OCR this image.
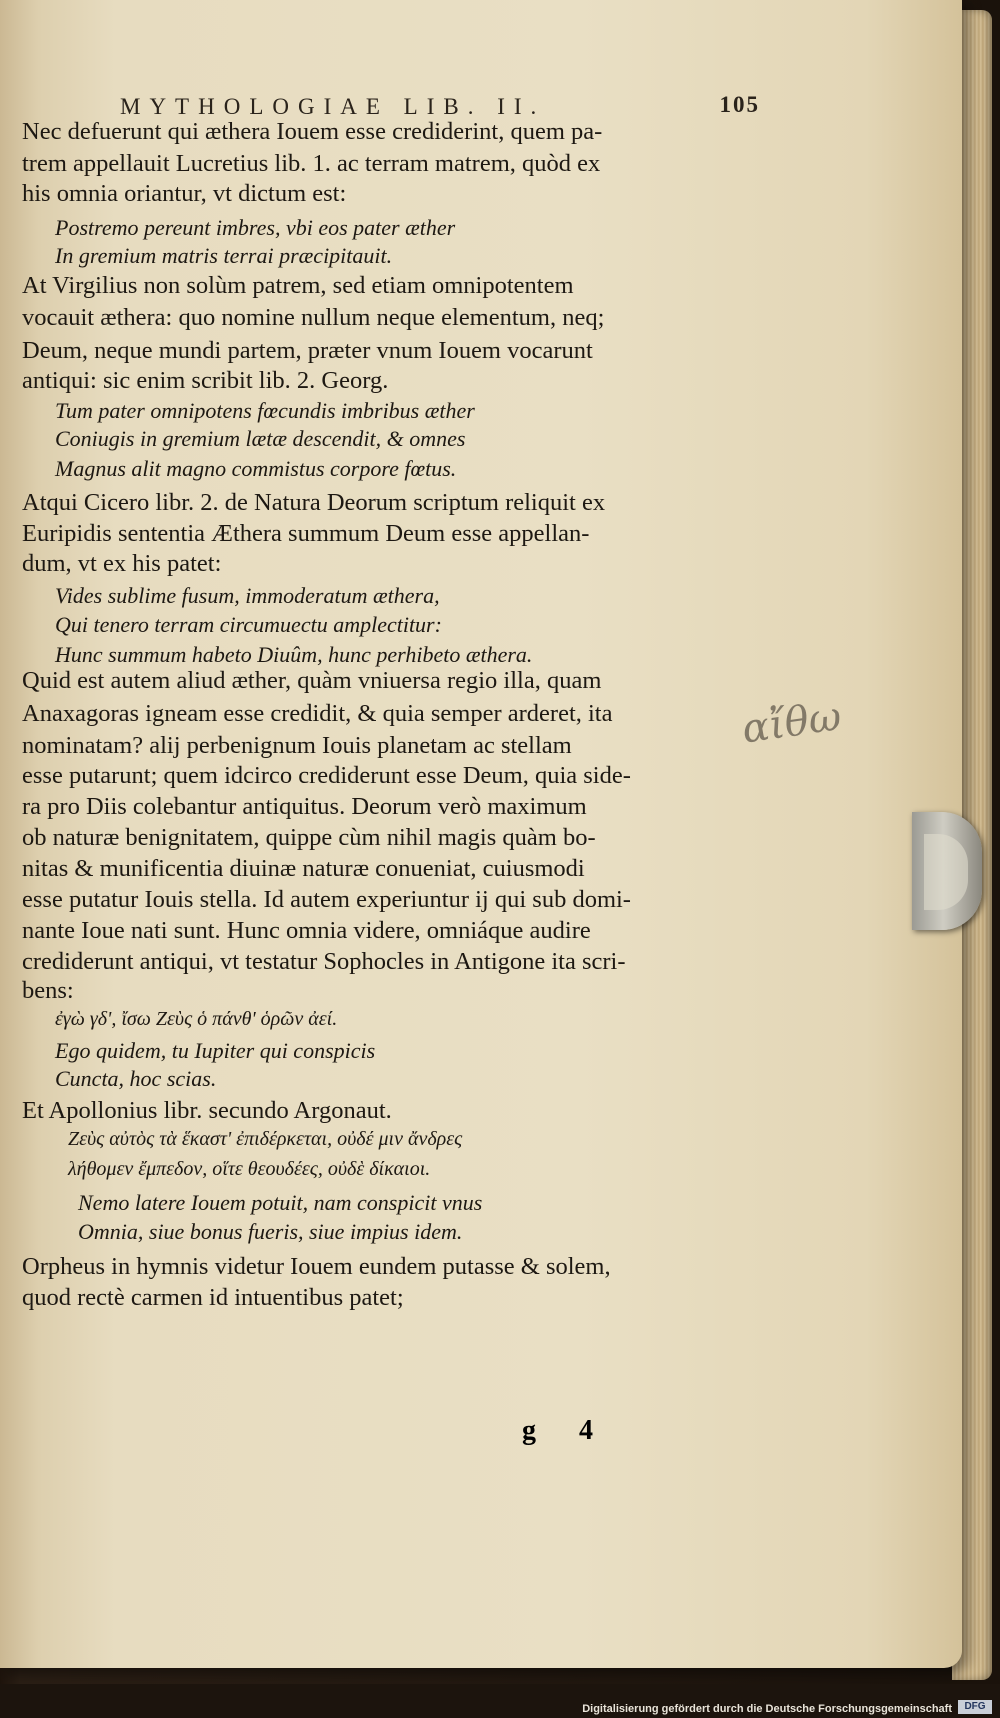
MYTHOLOGIAE LIB. II.	105
Nec defuerunt qui æthera Iouem esse crediderint, quem pa-
trem appellauit Lucretius lib. 1. ac terram matrem, quòd ex
his omnia oriantur, vt dictum est:
Postremo pereunt imbres, vbi eos pater æther
In gremium matris terrai præcipitauit.
At Virgilius non solùm patrem, sed etiam omnipotentem
vocauit æthera: quo nomine nullum neque elementum, neq;
Deum, neque mundi partem, præter vnum Iouem vocarunt
antiqui: sic enim scribit lib. 2. Georg.
Tum pater omnipotens fœcundis imbribus æther
Coniugis in gremium lætæ descendit, & omnes
Magnus alit magno commistus corpore fœtus.
Atqui Cicero libr. 2. de Natura Deorum scriptum reliquit ex
Euripidis sententia Æthera summum Deum esse appellan-
dum, vt ex his patet:
Vides sublime fusum, immoderatum æthera,
Qui tenero terram circumuectu amplectitur:
Hunc summum habeto Diuûm, hunc perhibeto æthera.
Quid est autem aliud æther, quàm vniuersa regio illa, quam
Anaxagoras igneam esse credidit, & quia semper arderet, ita
nominatam? alij perbenignum Iouis planetam ac stellam
esse putarunt; quem idcirco crediderunt esse Deum, quia side-
ra pro Diis colebantur antiquitus. Deorum verò maximum
ob naturæ benignitatem, quippe cùm nihil magis quàm bo-
nitas & munificentia diuinæ naturæ conueniat, cuiusmodi
esse putatur Iouis stella. Id autem experiuntur ij qui sub domi-
nante Ioue nati sunt. Hunc omnia videre, omniáque audire
crediderunt antiqui, vt testatur Sophocles in Antigone ita scri-
bens:
ἐγὼ γδ', ἴσω Ζεὺς ὁ πάνθ' ὁρῶν ἀεί.
Ego quidem, tu Iupiter qui conspicis
Cuncta, hoc scias.
Et Apollonius libr. secundo Argonaut.
Ζεὺς αὐτὸς τὰ ἕκαστ' ἐπιδέρκεται, οὐδέ μιν ἄνδρες
λήθομεν ἔμπεδον, οἵτε θεουδέες, οὐδὲ δίκαιοι.
Nemo latere Iouem potuit, nam conspicit vnus
Omnia, siue bonus fueris, siue impius idem.
Orpheus in hymnis videtur Iouem eundem putasse & solem,
quod rectè carmen id intuentibus patet;
αἴθω
g 4
Digitalisierung gefördert durch die Deutsche Forschungsgemeinschaft	DFG
